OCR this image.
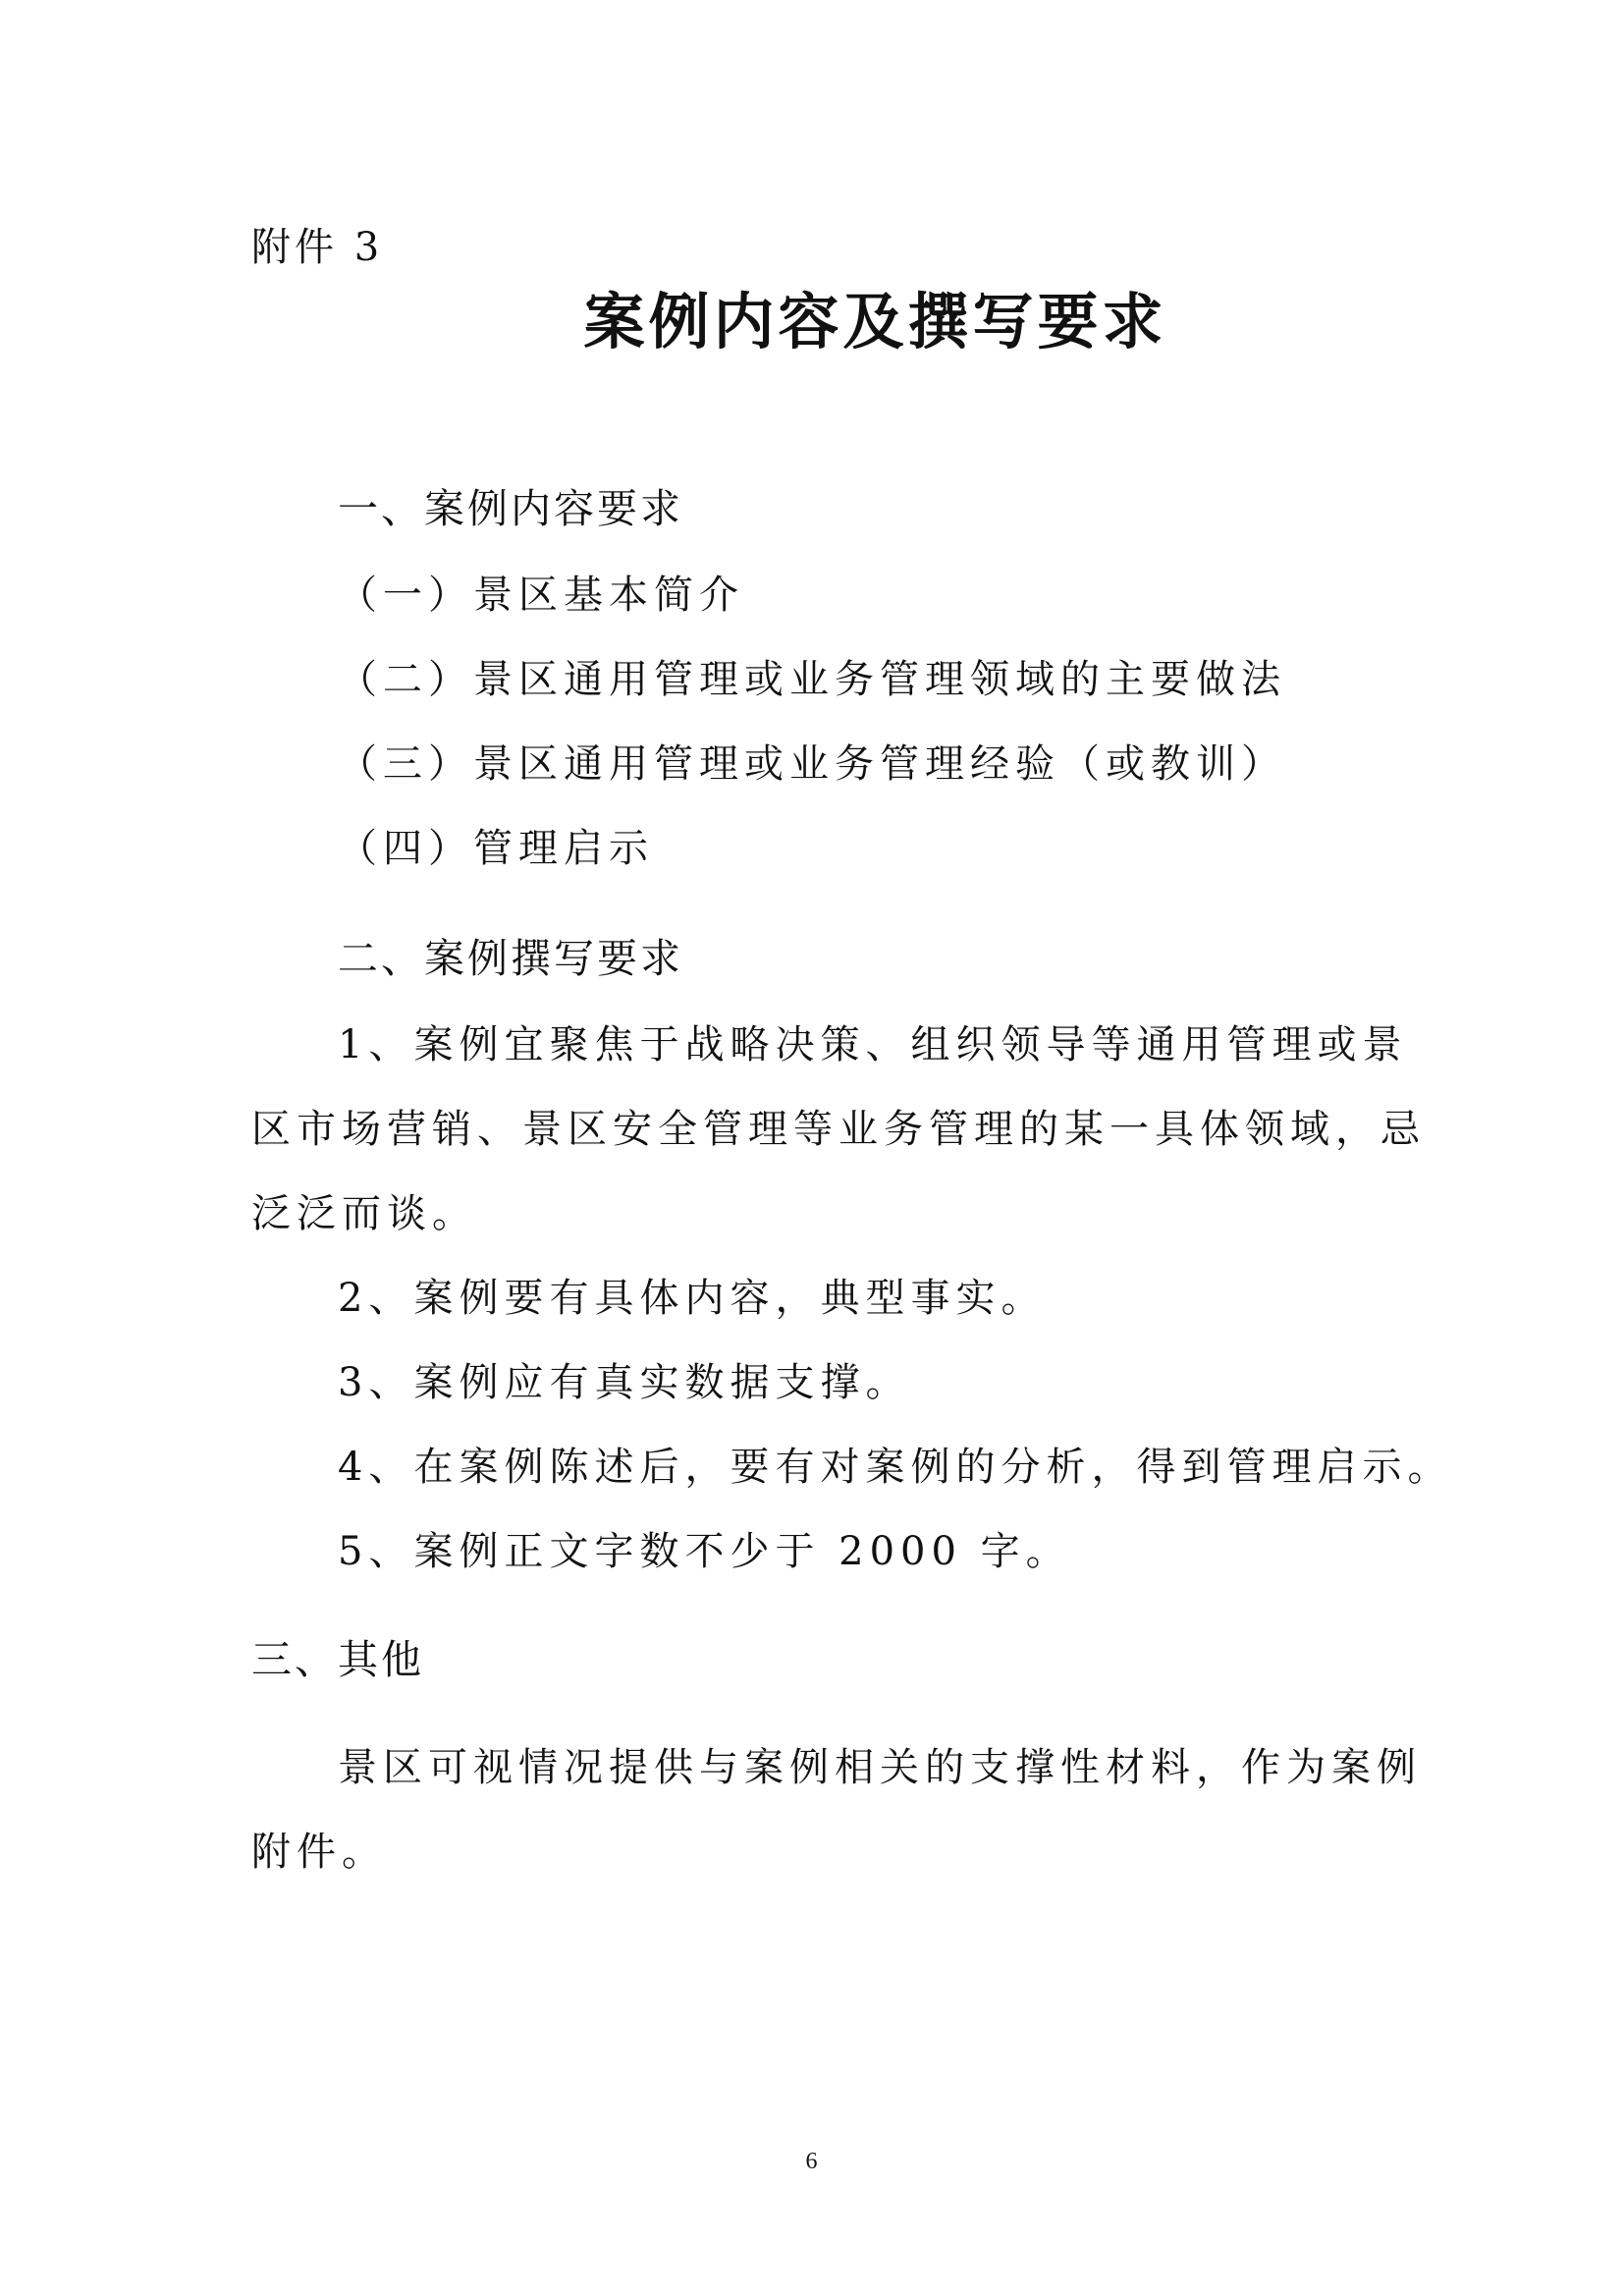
附件 3
案例内容及撰写要求
一、案例内容要求
（一）景区基本简介
（二）景区通用管理或业务管理领域的主要做法
（三）景区通用管理或业务管理经验（或教训）
（四）管理启示
二、案例撰写要求
1、案例宜聚焦于战略决策、组织领导等通用管理或景
区市场营销、景区安全管理等业务管理的某一具体领域，忌
泛泛而谈。
2、案例要有具体内容，典型事实。
3、案例应有真实数据支撑。
4、在案例陈述后，要有对案例的分析，得到管理启示。
5、案例正文字数不少于 2000 字。
三、其他
景区可视情况提供与案例相关的支撑性材料，作为案例
附件。
6
